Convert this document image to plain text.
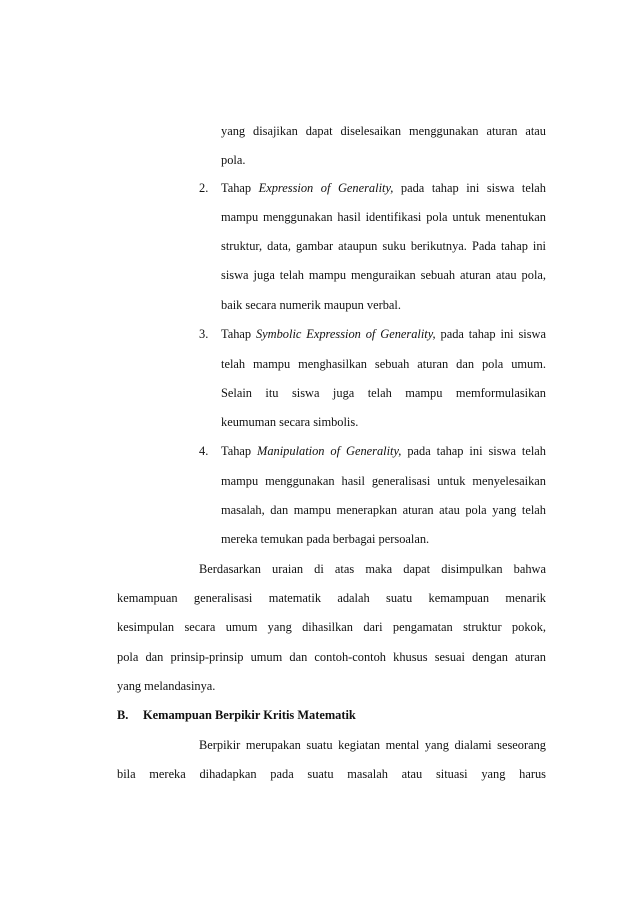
yang disajikan dapat diselesaikan menggunakan aturan atau
pola.
2. Tahap Expression of Generality, pada tahap ini siswa telah
mampu menggunakan hasil identifikasi pola untuk menentukan
struktur, data, gambar ataupun suku berikutnya. Pada tahap ini
siswa juga telah mampu menguraikan sebuah aturan atau pola,
baik secara numerik maupun verbal.
3. Tahap Symbolic Expression of Generality, pada tahap ini siswa
telah mampu menghasilkan sebuah aturan dan pola umum.
Selain itu siswa juga telah mampu memformulasikan
keumuman secara simbolis.
4. Tahap Manipulation of Generality, pada tahap ini siswa telah
mampu menggunakan hasil generalisasi untuk menyelesaikan
masalah, dan mampu menerapkan aturan atau pola yang telah
mereka temukan pada berbagai persoalan.
Berdasarkan uraian di atas maka dapat disimpulkan bahwa
kemampuan generalisasi matematik adalah suatu kemampuan menarik
kesimpulan secara umum yang dihasilkan dari pengamatan struktur pokok,
pola dan prinsip-prinsip umum dan contoh-contoh khusus sesuai dengan aturan
yang melandasinya.
B. Kemampuan Berpikir Kritis Matematik
Berpikir merupakan suatu kegiatan mental yang dialami seseorang
bila mereka dihadapkan pada suatu masalah atau situasi yang harus
